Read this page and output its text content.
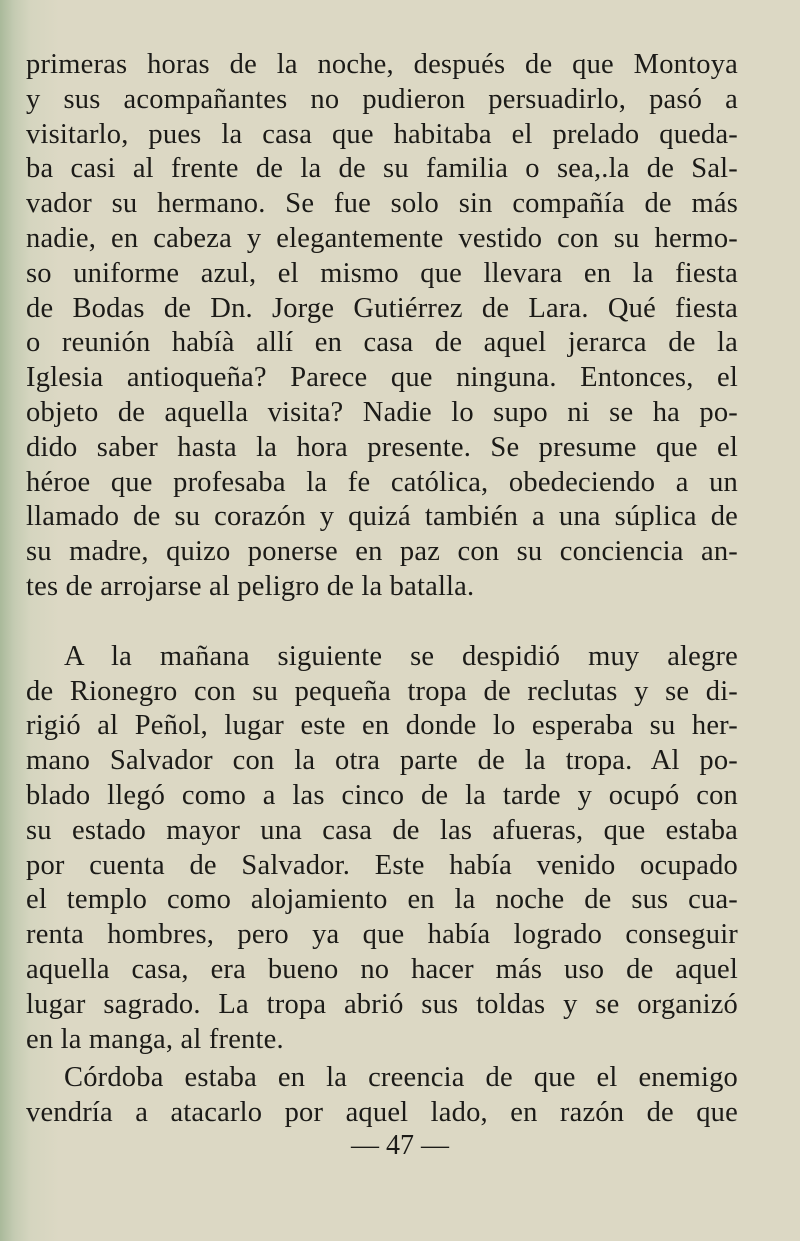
primeras horas de la noche, después de que Montoya
y sus acompañantes no pudieron persuadirlo, pasó a
visitarlo, pues la casa que habitaba el prelado queda-
ba casi al frente de la de su familia o sea,.la de Sal-
vador su hermano. Se fue solo sin compañía de más
nadie, en cabeza y elegantemente vestido con su hermo-
so uniforme azul, el mismo que llevara en la fiesta
de Bodas de Dn. Jorge Gutiérrez de Lara. Qué fiesta
o reunión habíà allí en casa de aquel jerarca de la
Iglesia antioqueña? Parece que ninguna. Entonces, el
objeto de aquella visita? Nadie lo supo ni se ha po-
dido saber hasta la hora presente. Se presume que el
héroe que profesaba la fe católica, obedeciendo a un
llamado de su corazón y quizá también a una súplica de
su madre, quizo ponerse en paz con su conciencia an-
tes de arrojarse al peligro de la batalla.
A la mañana siguiente se despidió muy alegre
de Rionegro con su pequeña tropa de reclutas y se di-
rigió al Peñol, lugar este en donde lo esperaba su her-
mano Salvador con la otra parte de la tropa. Al po-
blado llegó como a las cinco de la tarde y ocupó con
su estado mayor una casa de las afueras, que estaba
por cuenta de Salvador. Este había venido ocupado
el templo como alojamiento en la noche de sus cua-
renta hombres, pero ya que había logrado conseguir
aquella casa, era bueno no hacer más uso de aquel
lugar sagrado. La tropa abrió sus toldas y se organizó
en la manga, al frente.
Córdoba estaba en la creencia de que el enemigo
vendría a atacarlo por aquel lado, en razón de que
— 47 —
